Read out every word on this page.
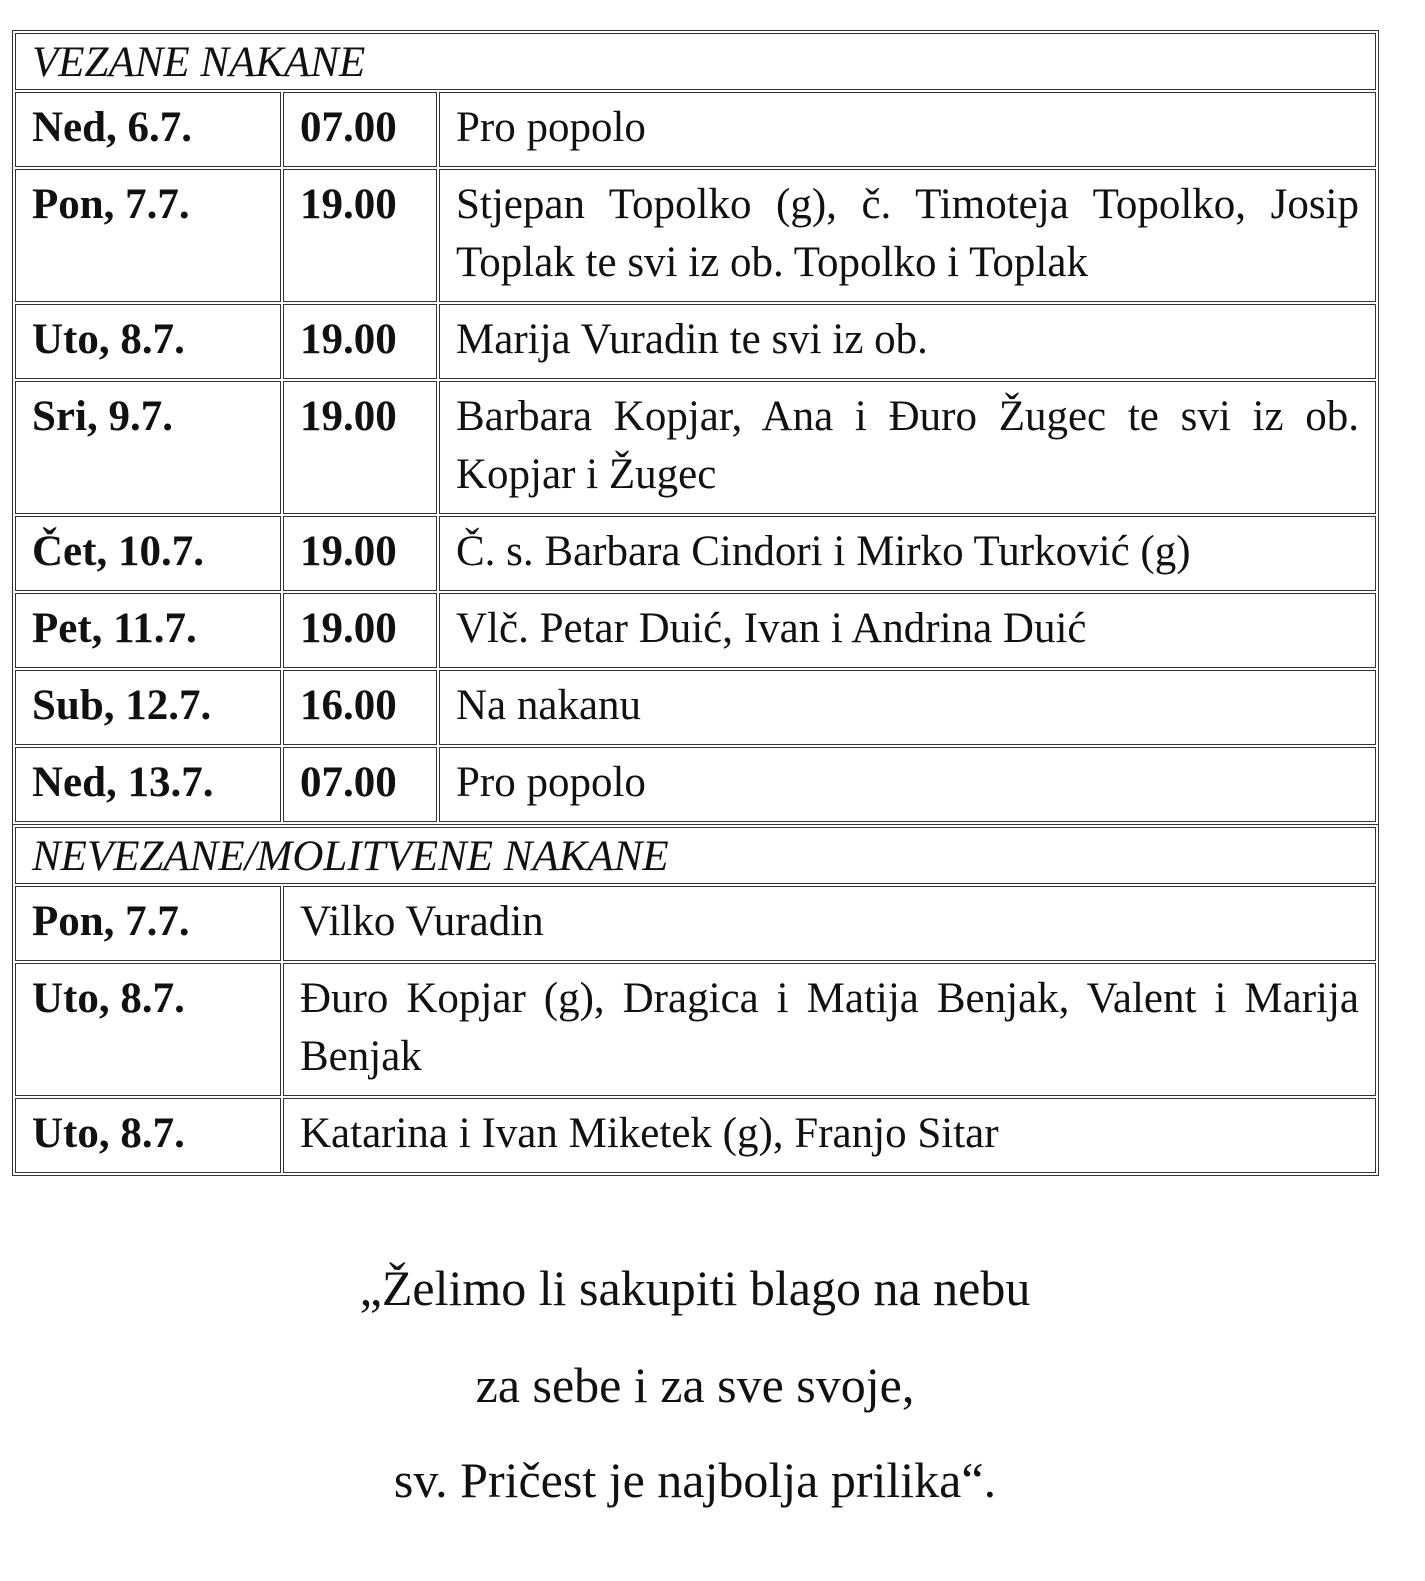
VEZANE NAKANE		
Ned, 6.7.	07.00	Pro popolo
Pon, 7.7.	19.00	Stjepan Topolko (g), č. Timoteja Topolko, Josip Toplak te svi iz ob. Topolko i Toplak
Uto, 8.7.	19.00	Marija Vuradin te svi iz ob.
Sri, 9.7.	19.00	Barbara Kopjar, Ana i Đuro Žugec te svi iz ob. Kopjar i Žugec
Čet, 10.7.	19.00	Č. s. Barbara Cindori i Mirko Turković (g)
Pet, 11.7.	19.00	Vlč. Petar Duić, Ivan i Andrina Duić
Sub, 12.7.	16.00	Na nakanu
Ned, 13.7.	07.00	Pro popolo
NEVEZANE/MOLITVENE NAKANE	
Pon, 7.7.	Vilko Vuradin
Uto, 8.7.	Đuro Kopjar (g), Dragica i Matija Benjak, Valent i Marija Benjak
Uto, 8.7.	Katarina i Ivan Miketek (g), Franjo Sitar
„Želimo li sakupiti blago na nebu
za sebe i za sve svoje,
sv. Pričest je najbolja prilika“.
